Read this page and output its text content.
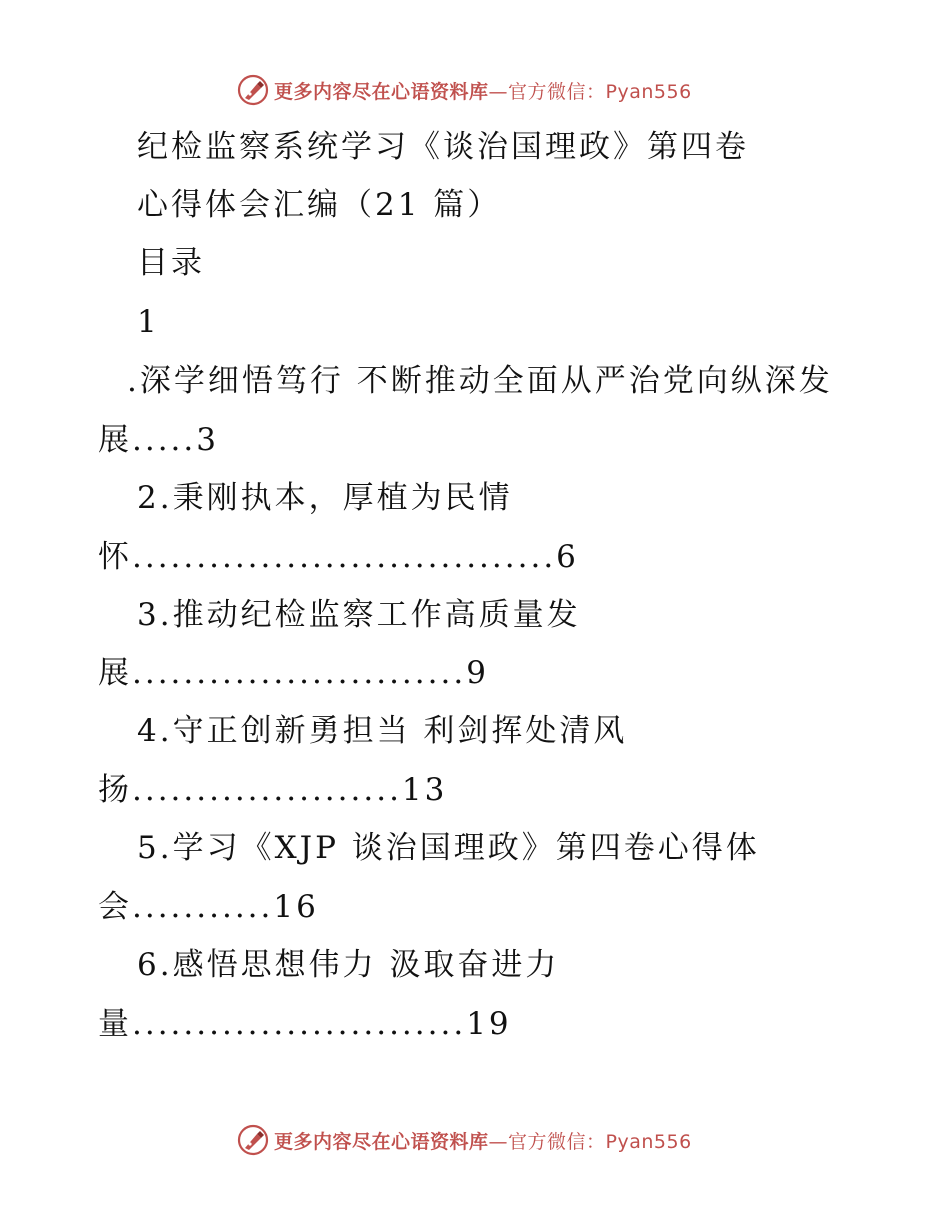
更多内容尽在心语资料库—官方微信：Pyan556
纪检监察系统学习《谈治国理政》第四卷
心得体会汇编（21 篇）
目录
1
.深学细悟笃行 不断推动全面从严治党向纵深发
展.....3
2.秉刚执本，厚植为民情
怀.................................6
3.推动纪检监察工作高质量发
展..........................9
4.守正创新勇担当 利剑挥处清风
扬.....................13
5.学习《XJP 谈治国理政》第四卷心得体
会...........16
6.感悟思想伟力 汲取奋进力
量..........................19
更多内容尽在心语资料库—官方微信：Pyan556
